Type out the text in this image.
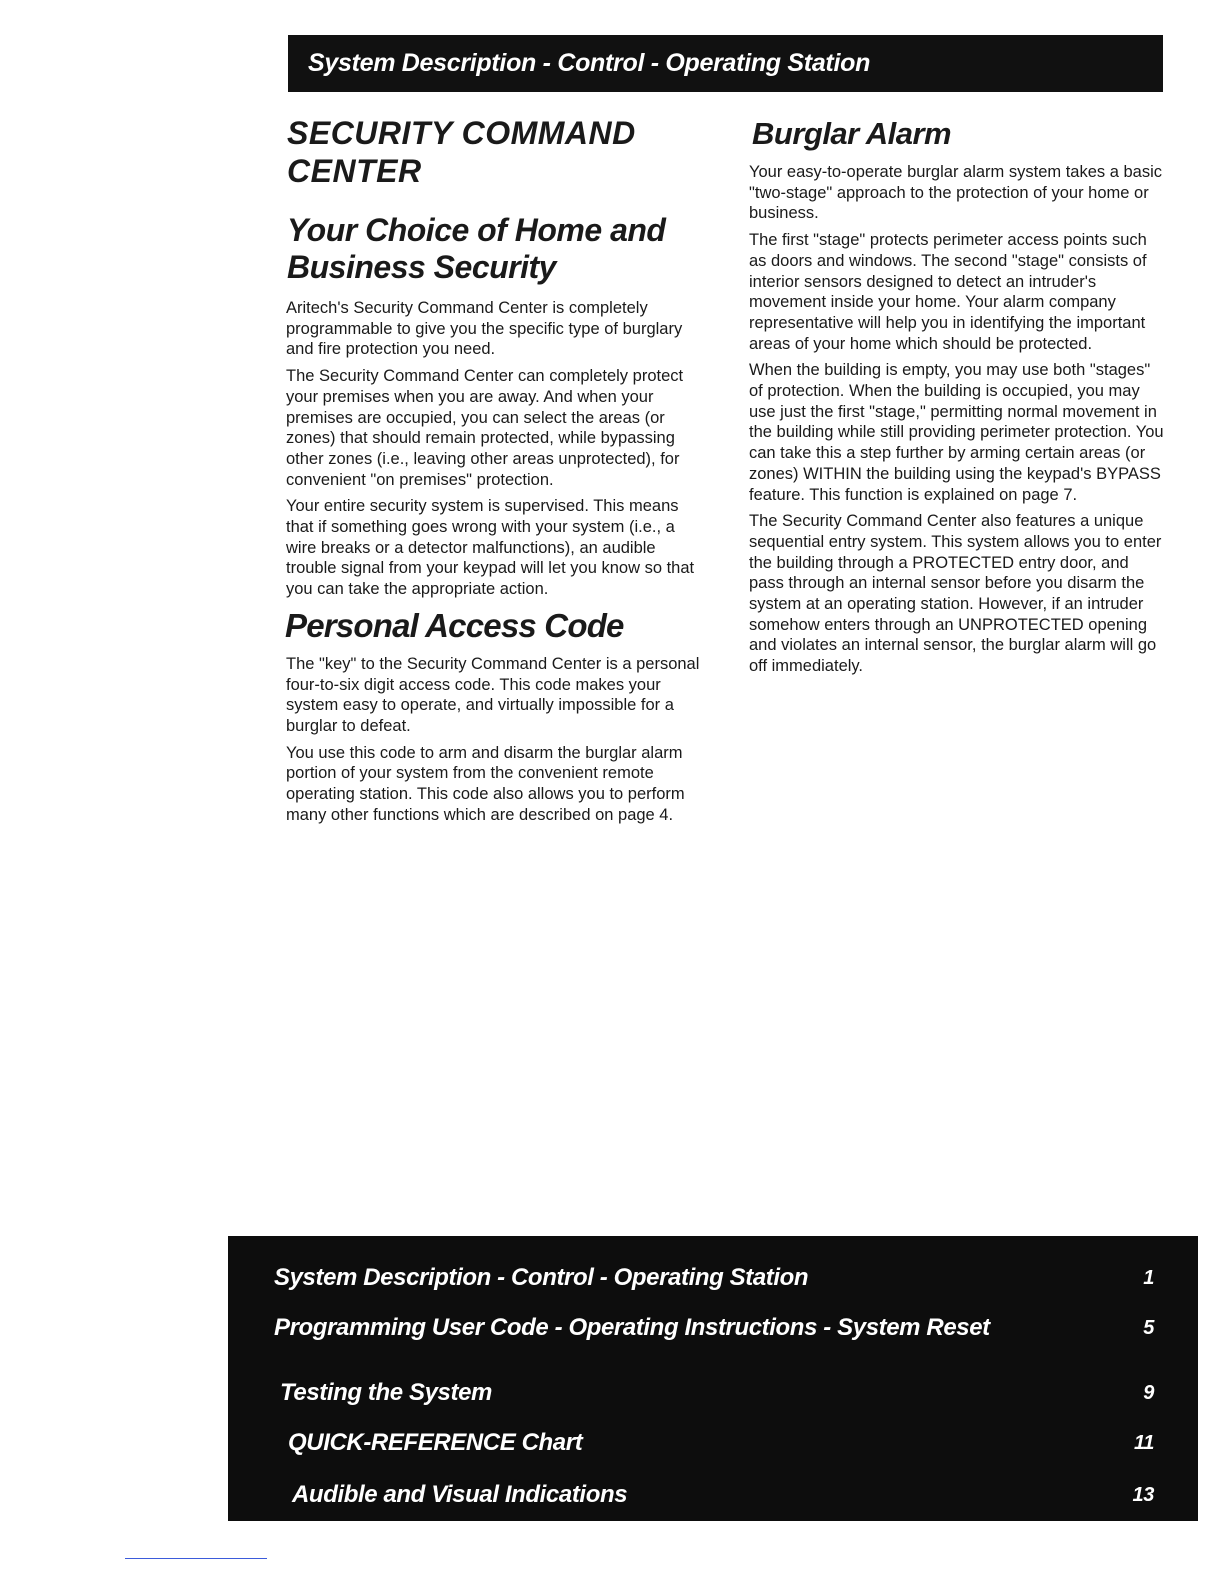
System Description - Control - Operating Station
SECURITY COMMAND CENTER
Your Choice of Home and Business Security

Aritech's Security Command Center is completely programmable to give you the specific type of burglary and fire protection you need.

The Security Command Center can completely protect your premises when you are away. And when your premises are occupied, you can select the areas (or zones) that should remain protected, while bypassing other zones (i.e., leaving other areas unprotected), for convenient "on premises" protection.

Your entire security system is supervised. This means that if something goes wrong with your system (i.e., a wire breaks or a detector malfunctions), an audible trouble signal from your keypad will let you know so that you can take the appropriate action.

Personal Access Code

The "key" to the Security Command Center is a personal four-to-six digit access code. This code makes your system easy to operate, and virtually impossible for a burglar to defeat.

You use this code to arm and disarm the burglar alarm portion of your system from the convenient remote operating station. This code also allows you to perform many other functions which are described on page 4.

Burglar Alarm

Your easy-to-operate burglar alarm system takes a basic "two-stage" approach to the protection of your home or business.

The first "stage" protects perimeter access points such as doors and windows. The second "stage" consists of interior sensors designed to detect an intruder's movement inside your home. Your alarm company representative will help you in identifying the important areas of your home which should be protected.

When the building is empty, you may use both "stages" of protection. When the building is occupied, you may use just the first "stage," permitting normal movement in the building while still providing perimeter protection. You can take this a step further by arming certain areas (or zones) WITHIN the building using the keypad's BYPASS feature. This function is explained on page 7.

The Security Command Center also features a unique sequential entry system. This system allows you to enter the building through a PROTECTED entry door, and pass through an internal sensor before you disarm the system at an operating station. However, if an intruder somehow enters through an UNPROTECTED opening and violates an internal sensor, the burglar alarm will go off immediately.

System Description - Control - Operating Station	1
Programming User Code - Operating Instructions - System Reset	5
Testing the System	9
QUICK-REFERENCE Chart	11
Audible and Visual Indications	13
